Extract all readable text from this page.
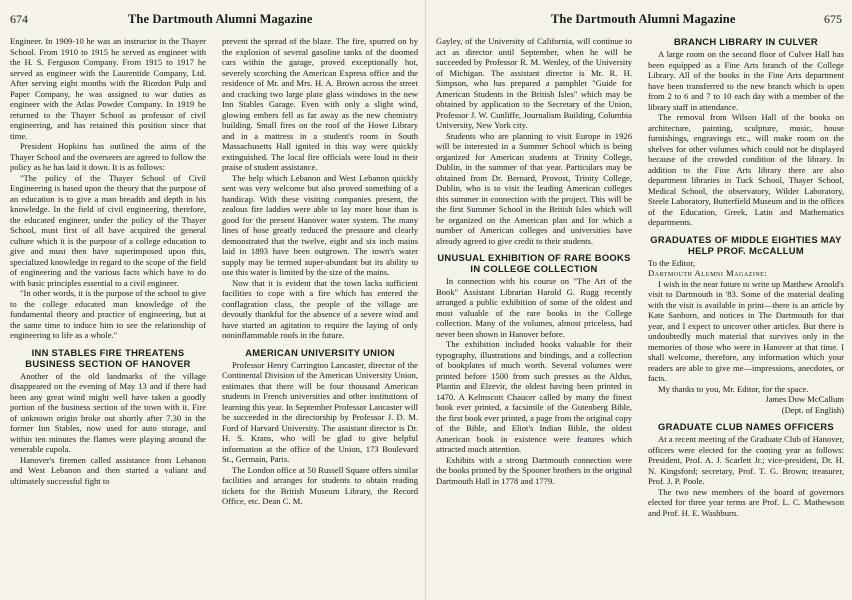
674	The Dartmouth Alumni Magazine

Engineer. In 1909-10 he was an instructor in the Thayer School. From 1910 to 1915 he served as engineer with the H. S. Ferguson Company. From 1915 to 1917 he served as engineer with the Laurentide Company, Ltd. After serving eight months with the Riordon Pulp and Paper Company, he was assigned to war duties as engineer with the Atlas Powder Company. In 1919 he returned to the Thayer School as professor of civil engineering, and has retained this position since that time.

President Hopkins has outlined the aims of the Thayer School and the overseers are agreed to follow the policy as he has laid it down. It is as follows:

"The policy of the Thayer School of Civil Engineering is based upon the theory that the purpose of an education is to give a man breadth and depth in his knowledge. In the field of civil engineering, therefore, the educated engineer, under the policy of the Thayer School, must first of all have acquired the general culture which it is the purpose of a college education to give and must then have superimposed upon this, specialized knowledge in regard to the scope of the field of engineering and the various facts which have to do with basic principles essential to a civil engineer.

"In other words, it is the purpose of the school to give to the college educated man knowledge of the fundamental theory and practice of engineering, but at the same time to induce him to see the relationship of engineering to life as a whole."

INN STABLES FIRE THREATENS BUSINESS SECTION OF HANOVER

Another of the old landmarks of the village disappeared on the evening of May 13 and if there had been any great wind might well have taken a goodly portion of the business section of the town with it. Fire of unknown origin broke out shortly after 7.30 in the former Inn Stables, now used for auto storage, and within ten minutes the flames were playing around the venerable cupola.

Hanover's firemen called assistance from Lebanon and West Lebanon and then started a valiant and ultimately successful fight to

prevent the spread of the blaze. The fire, spurred on by the explosion of several gasoline tanks of the doomed cars within the garage, proved exceptionally hot, severely scorching the American Express office and the residence of Mr. and Mrs. H. A. Brown across the street and cracking two large plate glass windows in the new Inn Stables Garage. Even with only a slight wind, glowing embers fell as far away as the new chemistry building. Small fires on the roof of the Howe Library and in a mattress in a student's room in South Massachusetts Hall ignited in this way were quickly extinguished. The local fire officials were loud in their praise of student assistance.

The help which Lebanon and West Lebanon quickly sent was very welcome but also proved something of a handicap. With these visiting companies present, the zealous fire laddies were able to lay more hose than is good for the present Hanover water system. The many lines of hose greatly reduced the pressure and clearly demonstrated that the twelve, eight and six inch mains laid in 1893 have been outgrown. The town's water supply may be termed super-abundant but its ability to use this water is limited by the size of the mains.

Now that it is evident that the town lacks sufficient facilities to cope with a fire which has entered the conflagration class, the people of the village are devoutly thankful for the absence of a severe wind and have started an agitation to require the laying of only noninflammable roofs in the future.

AMERICAN UNIVERSITY UNION

Professor Henry Carrington Lancaster, director of the Continental Division of the American University Union, estimates that there will be four thousand American students in French universities and other institutions of learning this year. In September Professor Lancaster will be succeeded in the directorship by Professor J. D. M. Ford of Harvard University. The assistant director is Dr. H. S. Krans, who will be glad to give helpful information at the office of the Union, 173 Boulevard St., Germain, Paris.

The London office at 50 Russell Square offers similar facilities and arranges for students to obtain reading tickets for the British Museum Library, the Record Office, etc. Dean C. M.

The Dartmouth Alumni Magazine	675

Gayley, of the University of California, will continue to act as director until September, when he will be succeeded by Professor R. M. Wenley, of the University of Michigan. The assistant director is Mr. R. H. Simpson, who has prepared a pamphlet "Guide for American Students in the British Isles" which may be obtained by application to the Secretary of the Union, Professor J. W. Cunliffe, Journalism Building, Columbia University, New York city.

Students who are planning to visit Europe in 1926 will be interested in a Summer School which is being organized for American students at Trinity College, Dublin, in the summer of that year. Particulars may be obtained from Dr. Bernard, Provost, Trinity College, Dublin, who is to visit the leading American colleges this summer in connection with the project. This will be the first Summer School in the British Isles which will be organized on the American plan and for which a number of American colleges and universities have already agreed to give credit to their students.

UNUSUAL EXHIBITION OF RARE BOOKS IN COLLEGE COLLECTION

In connection with his course on "The Art of the Book" Assistant Librarian Harold G. Rugg recently arranged a public exhibition of some of the oldest and most valuable of the rare books in the College collection. Many of the volumes, almost priceless, had never been shown in Hanover before.

The exhibition included books valuable for their typography, illustrations and bindings, and a collection of bookplates of much worth. Several volumes were printed before 1500 from such presses as the Aldus, Plantin and Elzevir, the oldest having been printed in 1470. A Kelmscott Chaucer called by many the finest book ever printed, a facsimile of the Gutenberg Bible, the first book ever printed, a page from the original copy of the Bible, and Eliot's Indian Bible, the oldest American book in existence were features which attracted much attention.

Exhibits with a strong Dartmouth connection were the books printed by the Spooner brothers in the original Dartmouth Hall in 1778 and 1779.

BRANCH LIBRARY IN CULVER

A large room on the second floor of Culver Hall has been equipped as a Fine Arts branch of the College Library. All of the books in the Fine Arts department have been transferred to the new branch which is open from 2 to 6 and 7 to 10 each day with a member of the library staff in attendance.

The removal from Wilson Hall of the books on architecture, painting, sculpture, music, house furnishings, engravings etc., will make room on the shelves for other volumes which could not be displayed because of the crowded condition of the library. In addition to the Fine Arts library there are also department libraries in Tuck School, Thayer School, Medical School, the observatory, Wilder Laboratory, Steele Laboratory, Butterfield Museum and in the offices of the Education, Greek, Latin and Mathematics departments.

GRADUATES OF MIDDLE EIGHTIES MAY HELP PROF. McCALLUM

To the Editor,

Dartmouth Alumni Magazine:

I wish in the near future to write up Matthew Arnold's visit to Dartmouth in '83. Some of the material dealing with the visit is available in print—there is an article by Kate Sanborn, and notices in The Dartmouth for that year, and I expect to uncover other articles. But there is undoubtedly much material that survives only in the memories of those who were in Hanover at that time. I shall welcome, therefore, any information which your readers are able to give me—impressions, anecdotes, or facts.

My thanks to you, Mr. Editor, for the space.

James Dow McCallum

(Dept. of English)

GRADUATE CLUB NAMES OFFICERS

At a recent meeting of the Graduate Club of Hanover, officers were elected for the coming year as follows: President, Prof. A. J. Scarlett Jr.; vice-president, Dr. H. N. Kingsford; secretary, Prof. T. G. Brown; treasurer, Prof. J. P. Poole.

The two new members of the board of governors elected for three year terms are Prof. L. C. Mathewson and Prof. H. E. Washburn.
